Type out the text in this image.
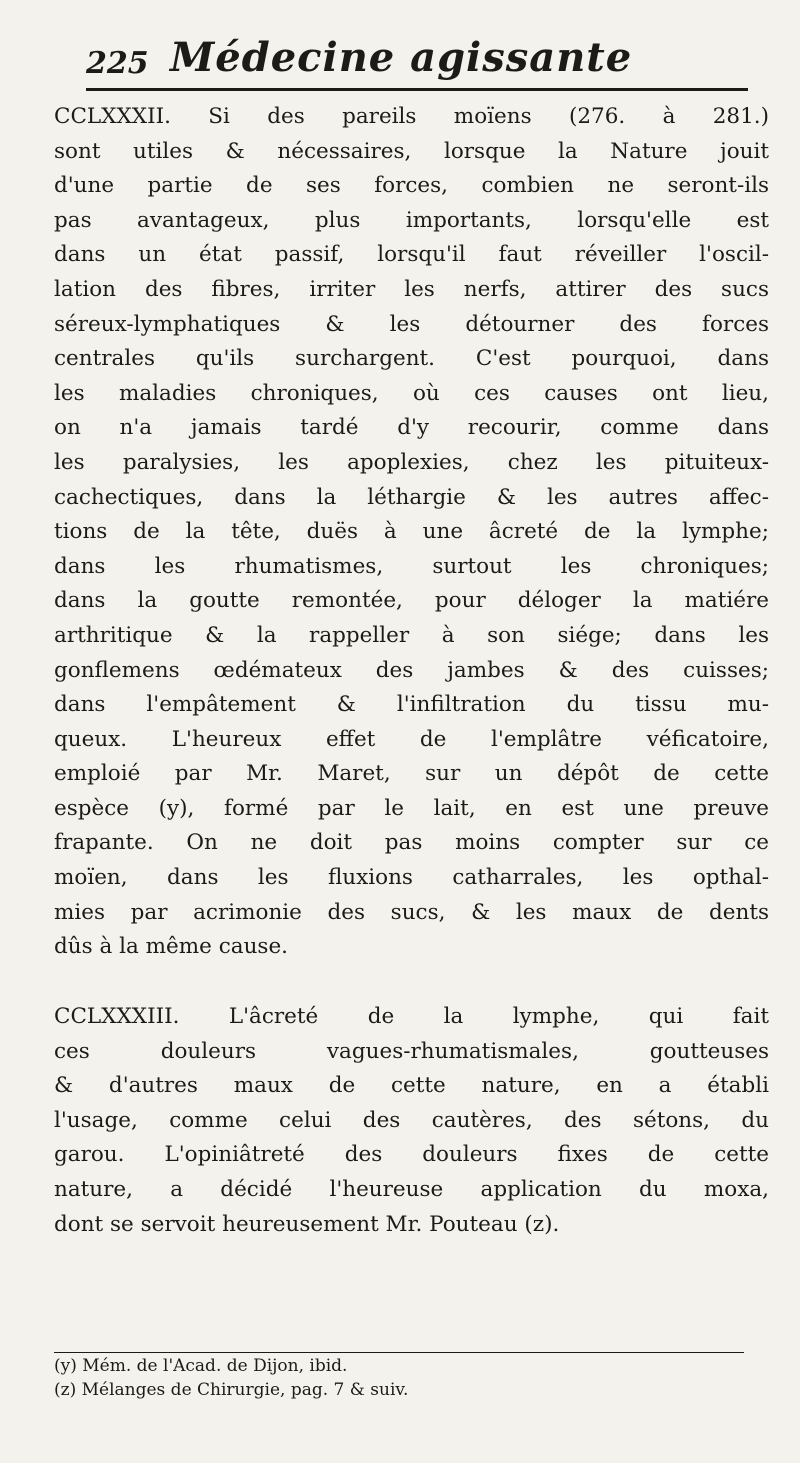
225 Médecine agissante
CCLXXXII. Si des pareils moïens (276. à 281.)
sont utiles & nécessaires, lorsque la Nature jouit
d'une partie de ses forces, combien ne seront-ils
pas avantageux, plus importants, lorsqu'elle est
dans un état passif, lorsqu'il faut réveiller l'oscil-
lation des fibres, irriter les nerfs, attirer des sucs
séreux-lymphatiques & les détourner des forces
centrales qu'ils surchargent. C'est pourquoi, dans
les maladies chroniques, où ces causes ont lieu,
on n'a jamais tardé d'y recourir, comme dans
les paralysies, les apoplexies, chez les pituiteux-
cachectiques, dans la léthargie & les autres affec-
tions de la tête, duës à une âcreté de la lymphe;
dans les rhumatismes, surtout les chroniques;
dans la goutte remontée, pour déloger la matiére
arthritique & la rappeller à son siége; dans les
gonflemens œdémateux des jambes & des cuisses;
dans l'empâtement & l'infiltration du tissu mu-
queux. L'heureux effet de l'emplâtre véficatoire,
emploié par Mr. Maret, sur un dépôt de cette
espèce (y), formé par le lait, en est une preuve
frapante. On ne doit pas moins compter sur ce
moïen, dans les fluxions catharrales, les opthal-
mies par acrimonie des sucs, & les maux de dents
dûs à la même cause.
CCLXXXIII. L'âcreté de la lymphe, qui fait
ces douleurs vagues-rhumatismales, goutteuses
& d'autres maux de cette nature, en a établi
l'usage, comme celui des cautères, des sétons, du
garou. L'opiniâtreté des douleurs fixes de cette
nature, a décidé l'heureuse application du moxa,
dont se servoit heureusement Mr. Pouteau (z).
(y) Mém. de l'Acad. de Dijon, ibid.
(z) Mélanges de Chirurgie, pag. 7 & suiv.
